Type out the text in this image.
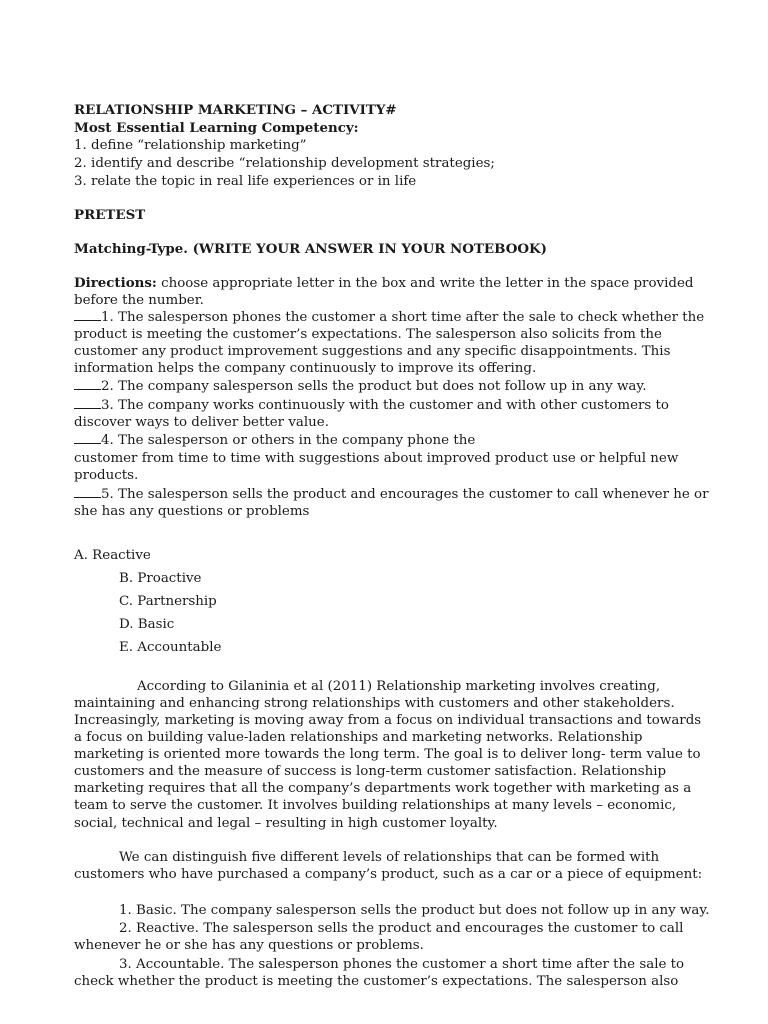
RELATIONSHIP MARKETING – ACTIVITY#
Most Essential Learning Competency:
1. define “relationship marketing”
2. identify and describe “relationship development strategies;
3. relate the topic in real life experiences or in life
PRETEST
Matching-Type. (WRITE YOUR ANSWER IN YOUR NOTEBOOK)
Directions: choose appropriate letter in the box and write the letter in the space provided
before the number.
1. The salesperson phones the customer a short time after the sale to check whether the
product is meeting the customer’s expectations. The salesperson also solicits from the
customer any product improvement suggestions and any specific disappointments. This
information helps the company continuously to improve its offering.
2. The company salesperson sells the product but does not follow up in any way.
3. The company works continuously with the customer and with other customers to
discover ways to deliver better value.
4. The salesperson or others in the company phone the
customer from time to time with suggestions about improved product use or helpful new
products.
5. The salesperson sells the product and encourages the customer to call whenever he or
she has any questions or problems
A. Reactive
B. Proactive
C. Partnership
D. Basic
E. Accountable
According to Gilaninia et al (2011) Relationship marketing involves creating,
maintaining and enhancing strong relationships with customers and other stakeholders.
Increasingly, marketing is moving away from a focus on individual transactions and towards
a focus on building value-laden relationships and marketing networks. Relationship
marketing is oriented more towards the long term. The goal is to deliver long- term value to
customers and the measure of success is long-term customer satisfaction. Relationship
marketing requires that all the company’s departments work together with marketing as a
team to serve the customer. It involves building relationships at many levels – economic,
social, technical and legal – resulting in high customer loyalty.
We can distinguish five different levels of relationships that can be formed with
customers who have purchased a company’s product, such as a car or a piece of equipment:
1. Basic. The company salesperson sells the product but does not follow up in any way.
2. Reactive. The salesperson sells the product and encourages the customer to call
whenever he or she has any questions or problems.
3. Accountable. The salesperson phones the customer a short time after the sale to
check whether the product is meeting the customer’s expectations. The salesperson also
